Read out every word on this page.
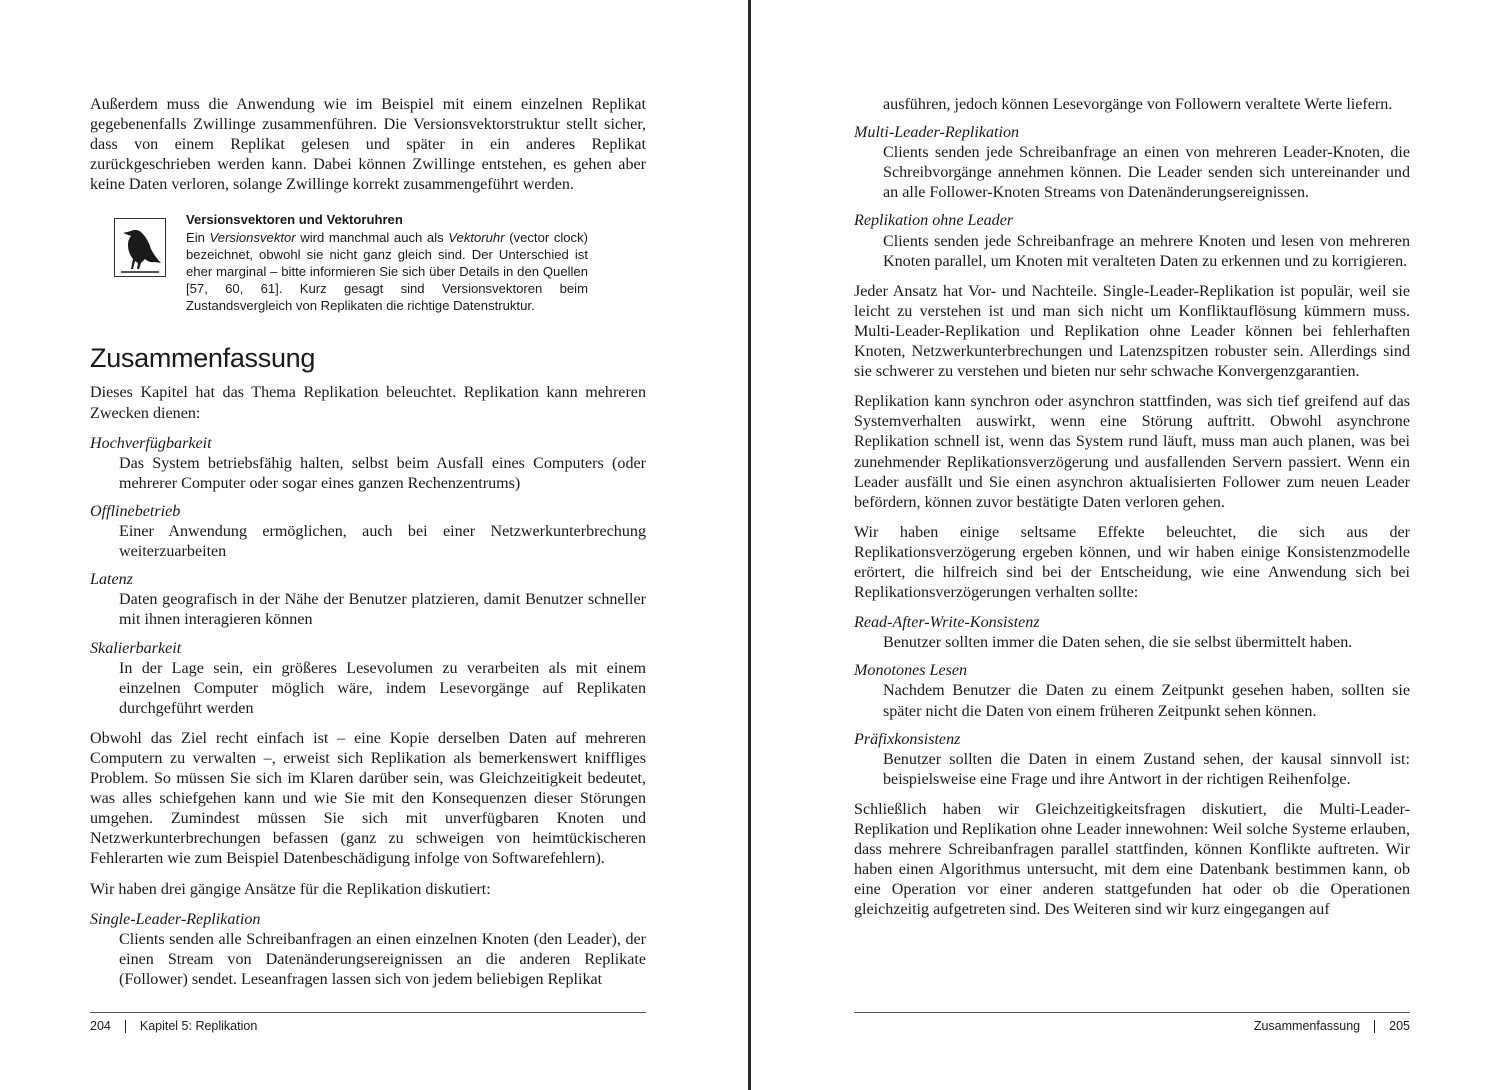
Außerdem muss die Anwendung wie im Beispiel mit einem einzelnen Replikat gegebenenfalls Zwillinge zusammenführen. Die Versionsvektorstruktur stellt sicher, dass von einem Replikat gelesen und später in ein anderes Replikat zurückgeschrieben werden kann. Dabei können Zwillinge entstehen, es gehen aber keine Daten verloren, solange Zwillinge korrekt zusammengeführt werden.

Versionsvektoren und Vektoruhren
Ein Versionsvektor wird manchmal auch als Vektoruhr (vector clock) bezeichnet, obwohl sie nicht ganz gleich sind. Der Unterschied ist eher marginal – bitte informieren Sie sich über Details in den Quellen [57, 60, 61]. Kurz gesagt sind Versionsvektoren beim Zustandsvergleich von Replikaten die richtige Datenstruktur.
Zusammenfassung

Dieses Kapitel hat das Thema Replikation beleuchtet. Replikation kann mehreren Zwecken dienen:

Hochverfügbarkeit
Das System betriebsfähig halten, selbst beim Ausfall eines Computers (oder mehrerer Computer oder sogar eines ganzen Rechenzentrums)
Offlinebetrieb
Einer Anwendung ermöglichen, auch bei einer Netzwerkunterbrechung weiterzuarbeiten
Latenz
Daten geografisch in der Nähe der Benutzer platzieren, damit Benutzer schneller mit ihnen interagieren können
Skalierbarkeit
In der Lage sein, ein größeres Lesevolumen zu verarbeiten als mit einem einzelnen Computer möglich wäre, indem Lesevorgänge auf Replikaten durchgeführt werden

Obwohl das Ziel recht einfach ist – eine Kopie derselben Daten auf mehreren Computern zu verwalten –, erweist sich Replikation als bemerkenswert kniffliges Problem. So müssen Sie sich im Klaren darüber sein, was Gleichzeitigkeit bedeutet, was alles schiefgehen kann und wie Sie mit den Konsequenzen dieser Störungen umgehen. Zumindest müssen Sie sich mit unverfügbaren Knoten und Netzwerkunterbrechungen befassen (ganz zu schweigen von heimtückischeren Fehlerarten wie zum Beispiel Datenbeschädigung infolge von Softwarefehlern).

Wir haben drei gängige Ansätze für die Replikation diskutiert:

Single-Leader-Replikation
Clients senden alle Schreibanfragen an einen einzelnen Knoten (den Leader), der einen Stream von Datenänderungsereignissen an die anderen Replikate (Follower) sendet. Leseanfragen lassen sich von jedem beliebigen Replikat
204 Kapitel 5: Replikation
ausführen, jedoch können Lesevorgänge von Followern veraltete Werte liefern.
Multi-Leader-Replikation
Clients senden jede Schreibanfrage an einen von mehreren Leader-Knoten, die Schreibvorgänge annehmen können. Die Leader senden sich untereinander und an alle Follower-Knoten Streams von Datenänderungsereignissen.
Replikation ohne Leader
Clients senden jede Schreibanfrage an mehrere Knoten und lesen von mehreren Knoten parallel, um Knoten mit veralteten Daten zu erkennen und zu korrigieren.

Jeder Ansatz hat Vor- und Nachteile. Single-Leader-Replikation ist populär, weil sie leicht zu verstehen ist und man sich nicht um Konfliktauflösung kümmern muss. Multi-Leader-Replikation und Replikation ohne Leader können bei fehlerhaften Knoten, Netzwerkunterbrechungen und Latenzspitzen robuster sein. Allerdings sind sie schwerer zu verstehen und bieten nur sehr schwache Konvergenzgarantien.

Replikation kann synchron oder asynchron stattfinden, was sich tief greifend auf das Systemverhalten auswirkt, wenn eine Störung auftritt. Obwohl asynchrone Replikation schnell ist, wenn das System rund läuft, muss man auch planen, was bei zunehmender Replikationsverzögerung und ausfallenden Servern passiert. Wenn ein Leader ausfällt und Sie einen asynchron aktualisierten Follower zum neuen Leader befördern, können zuvor bestätigte Daten verloren gehen.

Wir haben einige seltsame Effekte beleuchtet, die sich aus der Replikationsverzögerung ergeben können, und wir haben einige Konsistenzmodelle erörtert, die hilfreich sind bei der Entscheidung, wie eine Anwendung sich bei Replikationsverzögerungen verhalten sollte:

Read-After-Write-Konsistenz
Benutzer sollten immer die Daten sehen, die sie selbst übermittelt haben.
Monotones Lesen
Nachdem Benutzer die Daten zu einem Zeitpunkt gesehen haben, sollten sie später nicht die Daten von einem früheren Zeitpunkt sehen können.
Präfixkonsistenz
Benutzer sollten die Daten in einem Zustand sehen, der kausal sinnvoll ist: beispielsweise eine Frage und ihre Antwort in der richtigen Reihenfolge.

Schließlich haben wir Gleichzeitigkeitsfragen diskutiert, die Multi-Leader-Replikation und Replikation ohne Leader innewohnen: Weil solche Systeme erlauben, dass mehrere Schreibanfragen parallel stattfinden, können Konflikte auftreten. Wir haben einen Algorithmus untersucht, mit dem eine Datenbank bestimmen kann, ob eine Operation vor einer anderen stattgefunden hat oder ob die Operationen gleichzeitig aufgetreten sind. Des Weiteren sind wir kurz eingegangen auf

Zusammenfassung 205
